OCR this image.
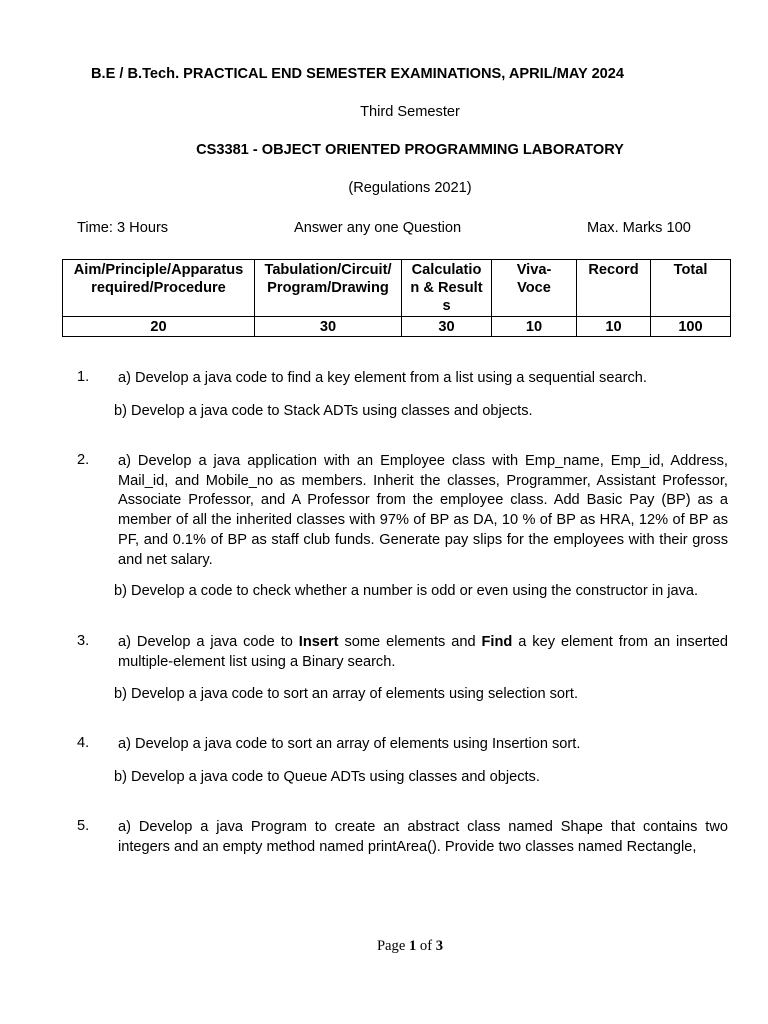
B.E / B.Tech. PRACTICAL END SEMESTER EXAMINATIONS, APRIL/MAY 2024
Third Semester
CS3381 - OBJECT ORIENTED PROGRAMMING LABORATORY
(Regulations 2021)
Time: 3 Hours	Answer any one Question	Max. Marks 100
Aim/Principle/Apparatus required/Procedure	Tabulation/Circuit/ Program/Drawing	Calculation & Results	Viva-Voce	Record	Total
20	30	30	10	10	100
1. a) Develop a java code to find a key element from a list using a sequential search.
b) Develop a java code to Stack ADTs using classes and objects.
2. a) Develop a java application with an Employee class with Emp_name, Emp_id, Address, Mail_id, and Mobile_no as members. Inherit the classes, Programmer, Assistant Professor, Associate Professor, and A Professor from the employee class. Add Basic Pay (BP) as a member of all the inherited classes with 97% of BP as DA, 10 % of BP as HRA, 12% of BP as PF, and 0.1% of BP as staff club funds. Generate pay slips for the employees with their gross and net salary.
b) Develop a code to check whether a number is odd or even using the constructor in java.
3. a) Develop a java code to Insert some elements and Find a key element from an inserted multiple-element list using a Binary search.
b) Develop a java code to sort an array of elements using selection sort.
4. a) Develop a java code to sort an array of elements using Insertion sort.
b) Develop a java code to Queue ADTs using classes and objects.
5. a) Develop a java Program to create an abstract class named Shape that contains two integers and an empty method named printArea(). Provide two classes named Rectangle,
Page 1 of 3
